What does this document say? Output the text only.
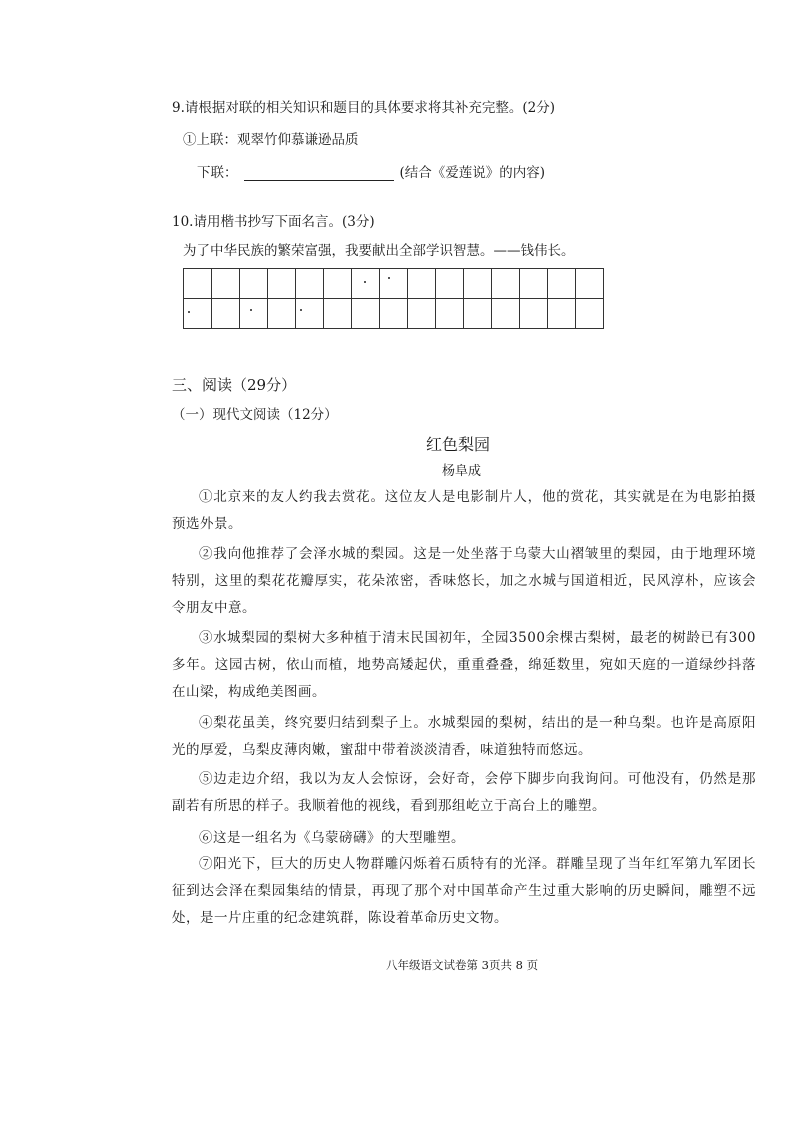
9.请根据对联的相关知识和题目的具体要求将其补充完整。(2分)
①上联：观翠竹仰慕谦逊品质
下联：	(结合《爱莲说》的内容)
10.请用楷书抄写下面名言。(3分)
为了中华民族的繁荣富强，我要献出全部学识智慧。——钱伟长。

三、阅读（29分）
（一）现代文阅读（12分）
红色梨园
杨阜成
①北京来的友人约我去赏花。这位友人是电影制片人，他的赏花，其实就是在为电影拍摄预选外景。
②我向他推荐了会泽水城的梨园。这是一处坐落于乌蒙大山褶皱里的梨园，由于地理环境特别，这里的梨花花瓣厚实，花朵浓密，香味悠长，加之水城与国道相近，民风淳朴，应该会令朋友中意。
③水城梨园的梨树大多种植于清末民国初年，全园3500余棵古梨树，最老的树龄已有300多年。这园古树，依山而植，地势高矮起伏，重重叠叠，绵延数里，宛如天庭的一道绿纱抖落在山梁，构成绝美图画。
④梨花虽美，终究要归结到梨子上。水城梨园的梨树，结出的是一种乌梨。也许是高原阳光的厚爱，乌梨皮薄肉嫩，蜜甜中带着淡淡清香，味道独特而悠远。
⑤边走边介绍，我以为友人会惊讶，会好奇，会停下脚步向我询问。可他没有，仍然是那副若有所思的样子。我顺着他的视线，看到那组屹立于高台上的雕塑。
⑥这是一组名为《乌蒙磅礴》的大型雕塑。
⑦阳光下，巨大的历史人物群雕闪烁着石质特有的光泽。群雕呈现了当年红军第九军团长征到达会泽在梨园集结的情景，再现了那个对中国革命产生过重大影响的历史瞬间，雕塑不远处，是一片庄重的纪念建筑群，陈设着革命历史文物。
八年级语文试卷第 3页共 8 页
